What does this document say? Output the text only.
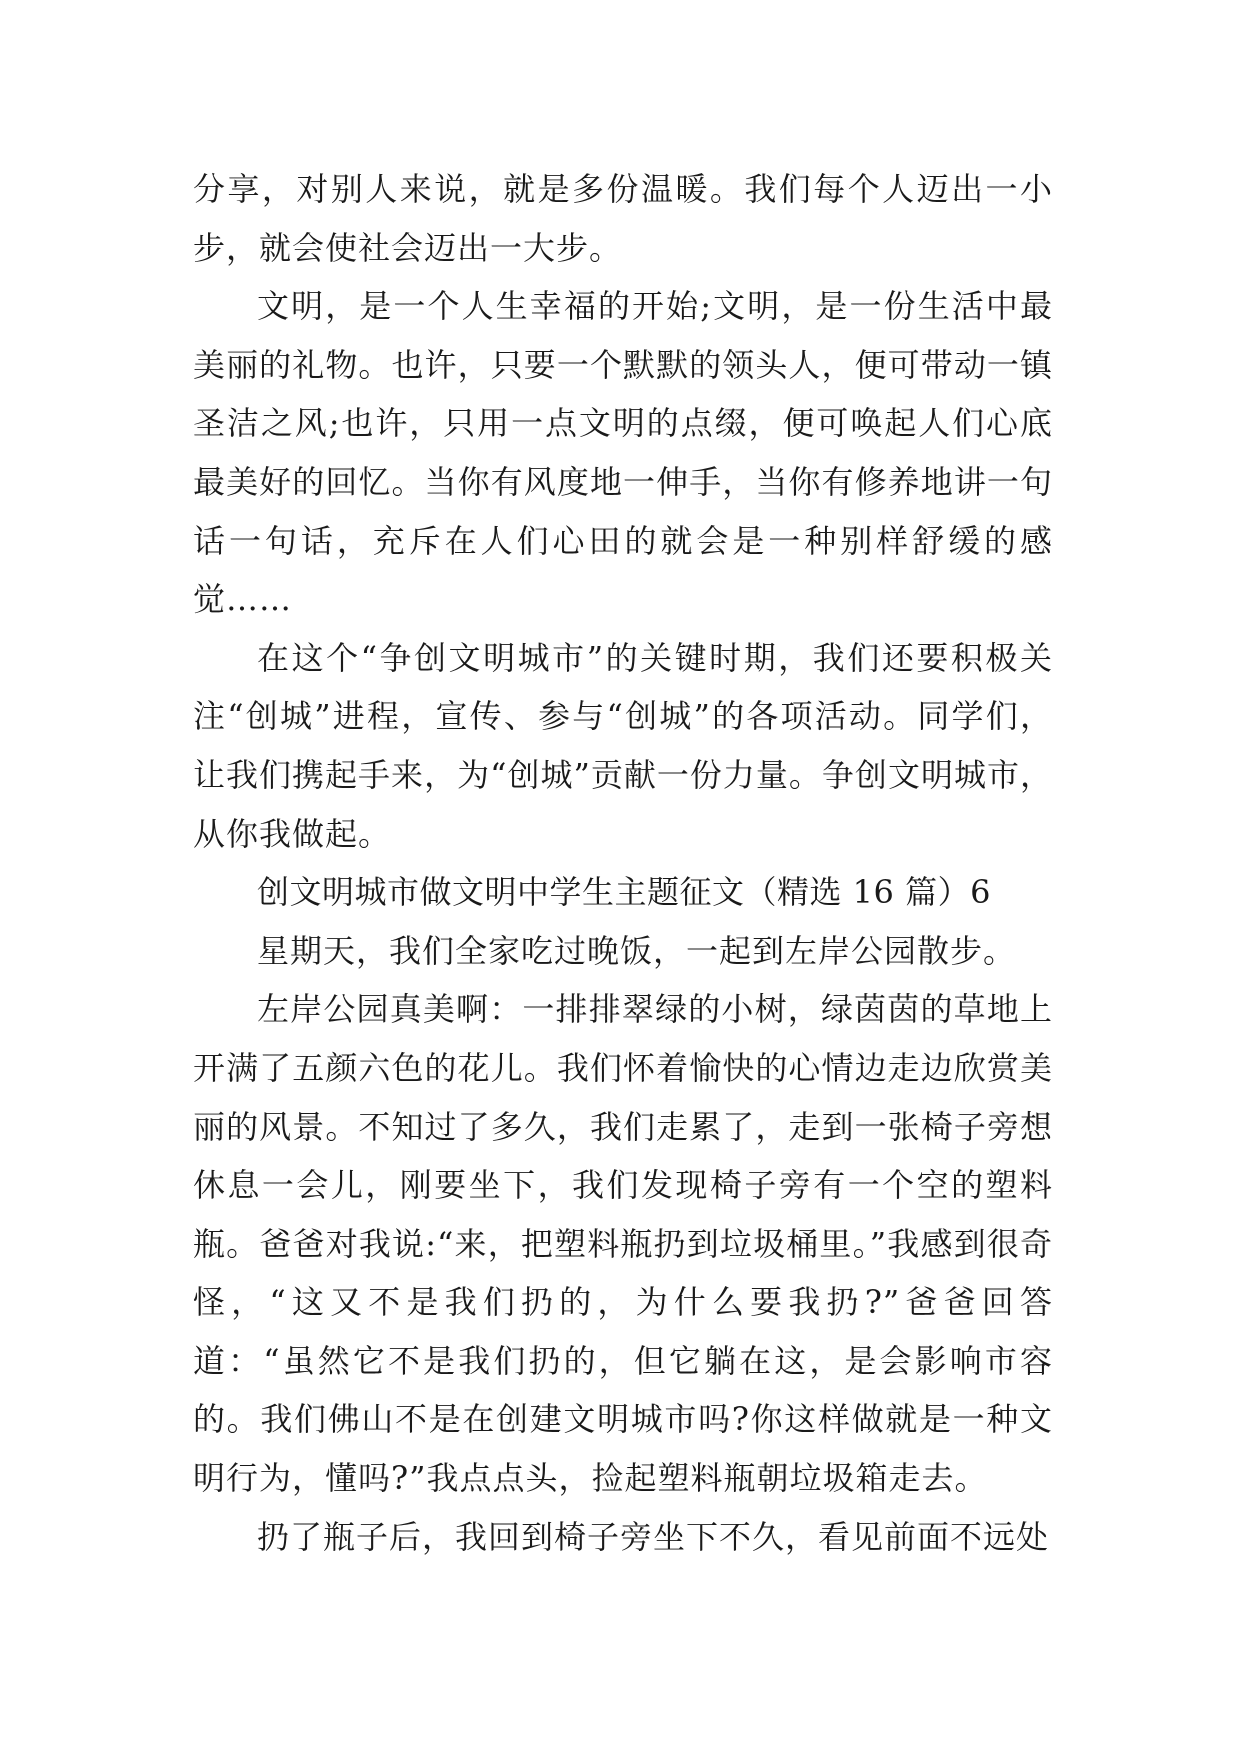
分享，对别人来说，就是多份温暖。我们每个人迈出一小步，就会使社会迈出一大步。

文明，是一个人生幸福的开始;文明，是一份生活中最美丽的礼物。也许，只要一个默默的领头人，便可带动一镇圣洁之风;也许，只用一点文明的点缀，便可唤起人们心底最美好的回忆。当你有风度地一伸手，当你有修养地讲一句话一句话，充斥在人们心田的就会是一种别样舒缓的感觉……

在这个“争创文明城市”的关键时期，我们还要积极关注“创城”进程，宣传、参与“创城”的各项活动。同学们，让我们携起手来，为“创城”贡献一份力量。争创文明城市，从你我做起。

创文明城市做文明中学生主题征文（精选 16 篇）6

星期天，我们全家吃过晚饭，一起到左岸公园散步。

左岸公园真美啊：一排排翠绿的小树，绿茵茵的草地上开满了五颜六色的花儿。我们怀着愉快的心情边走边欣赏美丽的风景。不知过了多久，我们走累了，走到一张椅子旁想休息一会儿，刚要坐下，我们发现椅子旁有一个空的塑料瓶。爸爸对我说:“来，把塑料瓶扔到垃圾桶里。”我感到很奇怪，“这又不是我们扔的，为什么要我扔?”爸爸回答道：“虽然它不是我们扔的，但它躺在这，是会影响市容的。我们佛山不是在创建文明城市吗?你这样做就是一种文明行为，懂吗?”我点点头，捡起塑料瓶朝垃圾箱走去。

扔了瓶子后，我回到椅子旁坐下不久，看见前面不远处
